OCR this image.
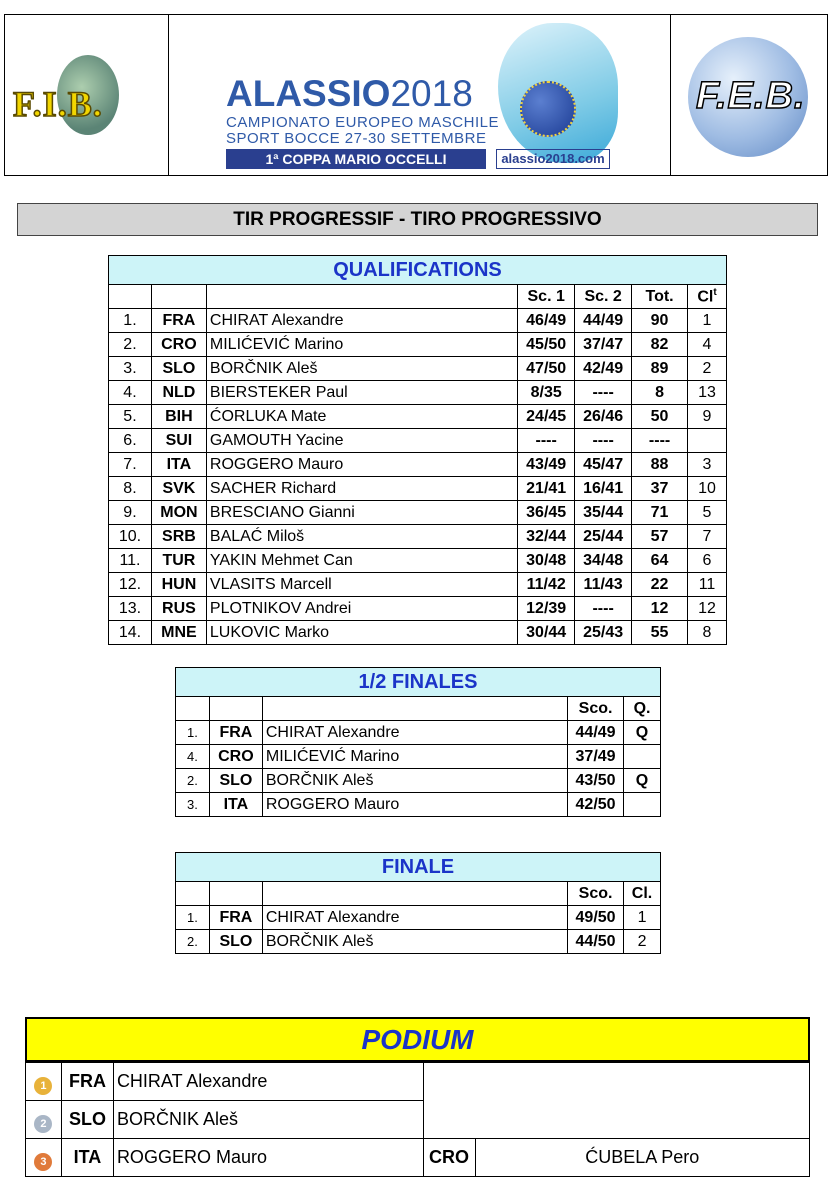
F.I.B.	ALASSIO2018
CAMPIONATO EUROPEO MASCHILE
SPORT BOCCE 27-30 SETTEMBRE
1ª COPPA MARIO OCCELLI	alassio2018.com
F.E.B.
TIR PROGRESSIF - TIRO PROGRESSIVO
QUALIFICATIONS						
			Sc. 1	Sc. 2	Tot.	Cl$^t$
1.	FRA	CHIRAT Alexandre	46/49	44/49	90	1
2.	CRO	MILIĆEVIĆ Marino	45/50	37/47	82	4
3.	SLO	BORČNIK Aleš	47/50	42/49	89	2
4.	NLD	BIERSTEKER Paul	8/35	----	8	13
5.	BIH	ĆORLUKA Mate	24/45	26/46	50	9
6.	SUI	GAMOUTH Yacine	----	----	----	
7.	ITA	ROGGERO Mauro	43/49	45/47	88	3
8.	SVK	SACHER Richard	21/41	16/41	37	10
9.	MON	BRESCIANO Gianni	36/45	35/44	71	5
10.	SRB	BALAĆ Miloš	32/44	25/44	57	7
11.	TUR	YAKIN Mehmet Can	30/48	34/48	64	6
12.	HUN	VLASITS Marcell	11/42	11/43	22	11
13.	RUS	PLOTNIKOV Andrei	12/39	----	12	12
14.	MNE	LUKOVIC Marko	30/44	25/43	55	8
1/2 FINALES				
			Sco.	Q.
1.	FRA	CHIRAT Alexandre	44/49	Q
4.	CRO	MILIĆEVIĆ Marino	37/49	
2.	SLO	BORČNIK Aleš	43/50	Q
3.	ITA	ROGGERO Mauro	42/50	
FINALE				
			Sco.	Cl.
1.	FRA	CHIRAT Alexandre	49/50	1
2.	SLO	BORČNIK Aleš	44/50	2
PODIUM
1	FRA	CHIRAT Alexandre		
2	SLO	BORČNIK Aleš		
3	ITA	ROGGERO Mauro	CRO	ĆUBELA Pero
